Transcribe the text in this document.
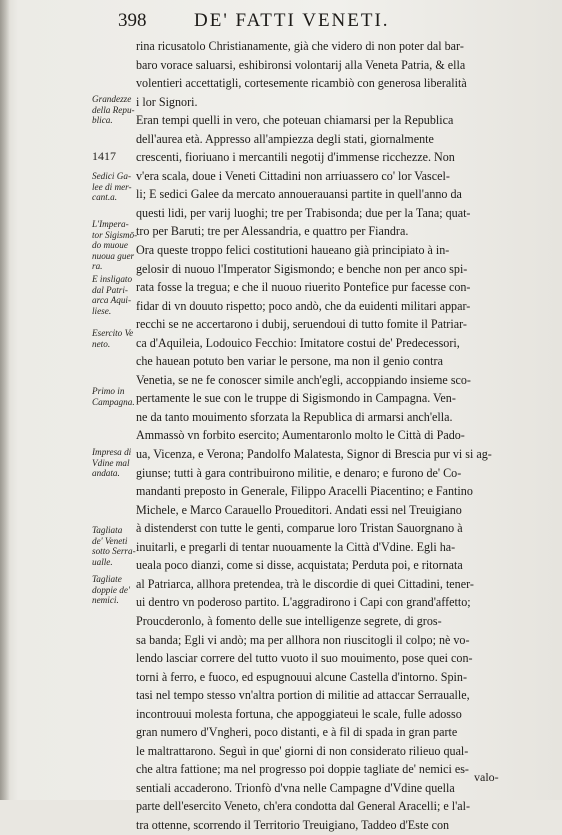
398	DE' FATTI VENETI.
rina ricusatolo Christianamente, già che videro di non poter dal bar-
baro vorace saluarsi, eshibironsi volontarij alla Veneta Patria, & ella
volentieri accettatigli, cortesemente ricambiò con generosa liberalità
i lor Signori.
Eran tempi quelli in vero, che poteuan chiamarsi per la Republica
dell'aurea età. Appresso all'ampiezza degli stati, giornalmente
crescenti, fioriuano i mercantili negotij d'immense ricchezze. Non
v'era scala, doue i Veneti Cittadini non arriuassero co' lor Vascel-
li; E sedici Galee da mercato annouerauansi partite in quell'anno da
questi lidi, per varij luoghi; tre per Trabisonda; due per la Tana; quat-
tro per Baruti; tre per Alessandria, e quattro per Fiandra.
Ora queste troppo felici costitutioni haueano già principiato à in-
gelosir di nuouo l'Imperator Sigismondo; e benche non per anco spi-
rata fosse la tregua; e che il nuouo riuerito Pontefice pur facesse con-
fidar di vn douuto rispetto; poco andò, che da euidenti militari appar-
recchi se ne accertarono i dubij, seruendoui di tutto fomite il Patriar-
ca d'Aquileia, Lodouico Fecchio: Imitatore costui de' Predecessori,
che hauean potuto ben variar le persone, ma non il genio contra
Venetia, se ne fe conoscer simile anch'egli, accoppiando insieme sco-
pertamente le sue con le truppe di Sigismondo in Campagna. Ven-
ne da tanto mouimento sforzata la Republica di armarsi anch'ella.
Ammassò vn forbito esercito; Aumentaronlo molto le Città di Pado-
ua, Vicenza, e Verona; Pandolfo Malatesta, Signor di Brescia pur vi si ag-
giunse; tutti à gara contribuirono militie, e denaro; e furono de' Co-
mandanti preposto in Generale, Filippo Aracelli Piacentino; e Fantino
Michele, e Marco Carauello Proueditori. Andati essi nel Treuigiano
à distenderst con tutte le genti, comparue loro Tristan Sauorgnano à
inuitarli, e pregarli di tentar nuouamente la Città d'Vdine. Egli ha-
ueala poco dianzi, come si disse, acquistata; Perduta poi, e ritornata
al Patriarca, allhora pretendea, trà le discordie di quei Cittadini, tener-
ui dentro vn poderoso partito. L'aggradirono i Capi con grand'affetto;
Proucderonlo, à fomento delle sue intelligenze segrete, di gros-
sa banda; Egli vi andò; ma per allhora non riuscitogli il colpo; nè vo-
lendo lasciar correre del tutto vuoto il suo mouimento, pose quei con-
torni à ferro, e fuoco, ed espugnouui alcune Castella d'intorno. Spin-
tasi nel tempo stesso vn'altra portion di militie ad attaccar Serraualle,
incontrouui molesta fortuna, che appoggiateui le scale, fulle adosso
gran numero d'Vngheri, poco distanti, e à fil di spada in gran parte
le maltrattarono. Seguì in que' giorni di non considerato rilieuo qual-
che altra fattione; ma nel progresso poi doppie tagliate de' nemici es-
sentiali accaderono. Trionfò d'vna nelle Campagne d'Vdine quella
parte dell'esercito Veneto, ch'era condotta dal General Aracelli; e l'al-
tra ottenne, scorrendo il Territorio Treuigiano, Taddeo d'Este con
Grandezze
della Repu-
blica.
1417
Sedici Ga-
lee di mer-
cant.a.
L'Impera-
tor Sigismō-
do muoue
nuoua guer
ra.
E insligato
dal Patri-
arca Aqui-
liese.
Esercito Ve
neto.
Primo in
Campagna.
Impresa di
Vdine mal
andata.
Tagliata
de' Veneti
sotto Serra-
ualle.
Tagliate
doppie de'
nemici.
valo-
